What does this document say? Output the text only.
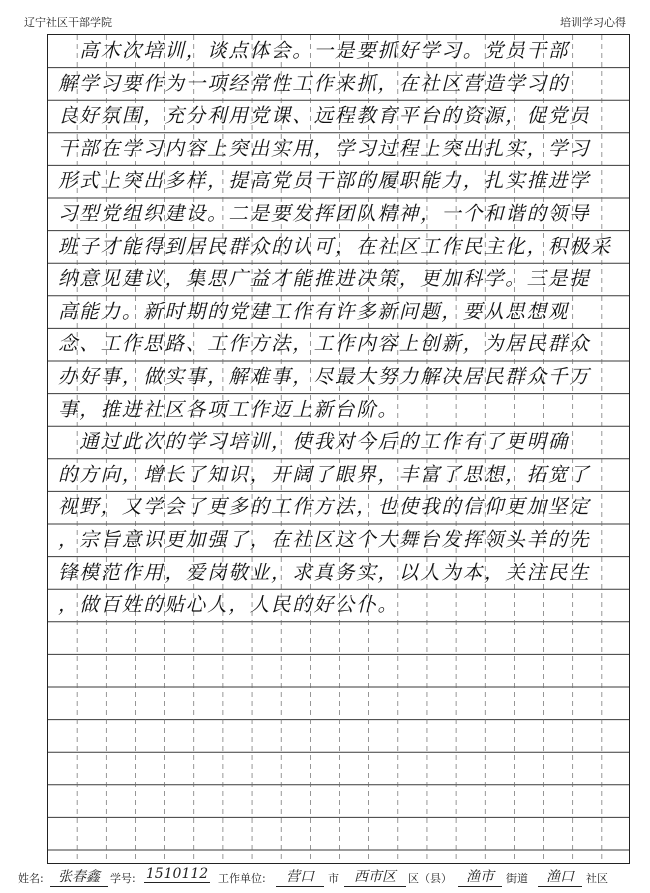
辽宁社区干部学院	培训学习心得
　高木次培训，谈点体会。一是要抓好学习。党员干部
解学习要作为一项经常性工作来抓，在社区营造学习的
良好氛围，充分利用党课、远程教育平台的资源，促党员
干部在学习内容上突出实用，学习过程上突出扎实，学习
形式上突出多样，提高党员干部的履职能力，扎实推进学
习型党组织建设。二是要发挥团队精神，一个和谐的领导
班子才能得到居民群众的认可，在社区工作民主化，积极采
纳意见建议，集思广益才能推进决策，更加科学。三是提
高能力。新时期的党建工作有许多新问题，要从思想观
念、工作思路、工作方法，工作内容上创新，为居民群众
办好事，做实事，解难事，尽最大努力解决居民群众千万
事，推进社区各项工作迈上新台阶。
　通过此次的学习培训，使我对今后的工作有了更明确
的方向，增长了知识，开阔了眼界，丰富了思想，拓宽了
视野，又学会了更多的工作方法，也使我的信仰更加坚定
，宗旨意识更加强了，在社区这个大舞台发挥领头羊的先
锋模范作用，爱岗敬业，求真务实，以人为本，关注民生
，做百姓的贴心人，人民的好公仆。
姓名:	张春鑫 学号: 1510112 工作单位:	营口	市	西市区	区（县）	渔市	街道	渔口	社区
